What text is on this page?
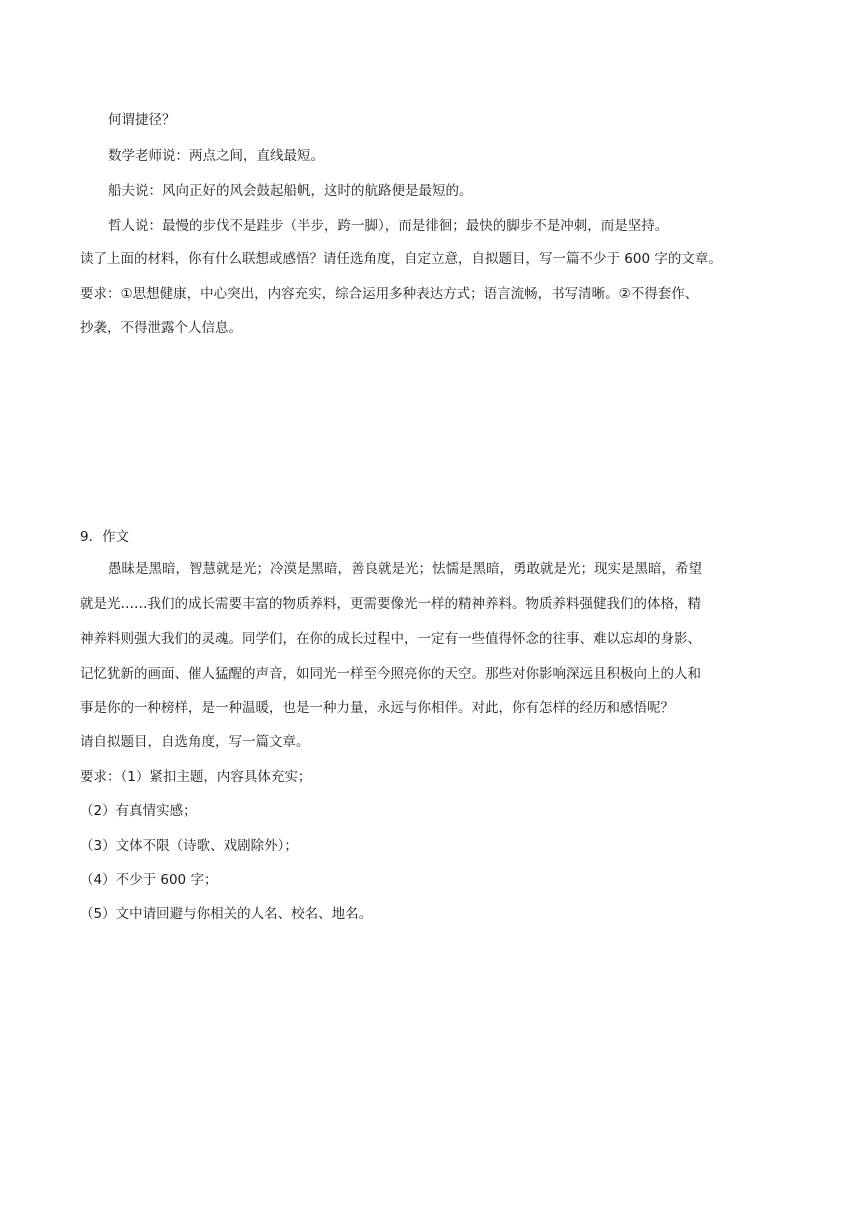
何谓捷径？
数学老师说：两点之间，直线最短。
船夫说：风向正好的风会鼓起船帆，这时的航路便是最短的。
哲人说：最慢的步伐不是跬步（半步，跨一脚），而是徘徊；最快的脚步不是冲刺，而是坚持。
读了上面的材料，你有什么联想或感悟？请任选角度，自定立意，自拟题目，写一篇不少于 600 字的文章。
要求：①思想健康，中心突出，内容充实，综合运用多种表达方式；语言流畅，书写清晰。②不得套作、
抄袭，不得泄露个人信息。
9．作文
愚昧是黑暗，智慧就是光；冷漠是黑暗，善良就是光；怯懦是黑暗，勇敢就是光；现实是黑暗，希望
就是光……我们的成长需要丰富的物质养料，更需要像光一样的精神养料。物质养料强健我们的体格，精
神养料则强大我们的灵魂。同学们，在你的成长过程中，一定有一些值得怀念的往事、难以忘却的身影、
记忆犹新的画面、催人猛醒的声音，如同光一样至今照亮你的天空。那些对你影响深远且积极向上的人和
事是你的一种榜样，是一种温暖，也是一种力量，永远与你相伴。对此，你有怎样的经历和感悟呢？
请自拟题目，自选角度，写一篇文章。
要求：（1）紧扣主题，内容具体充实；
（2）有真情实感；
（3）文体不限（诗歌、戏剧除外）；
（4）不少于 600 字；
（5）文中请回避与你相关的人名、校名、地名。
